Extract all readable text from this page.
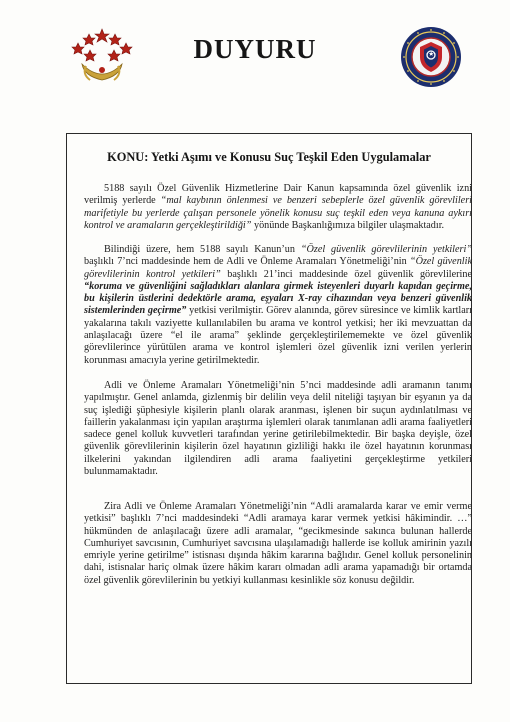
DUYURU
KONU: Yetki Aşımı ve Konusu Suç Teşkil Eden Uygulamalar

5188 sayılı Özel Güvenlik Hizmetlerine Dair Kanun kapsamında özel güvenlik izni verilmiş yerlerde “mal kaybının önlenmesi ve benzeri sebeplerle özel güvenlik görevlileri marifetiyle bu yerlerde çalışan personele yönelik konusu suç teşkil eden veya kanuna aykırı kontrol ve aramaların gerçekleştirildiği” yönünde Başkanlığımıza bilgiler ulaşmaktadır.

Bilindiği üzere, hem 5188 sayılı Kanun’un “Özel güvenlik görevlilerinin yetkileri” başlıklı 7’nci maddesinde hem de Adli ve Önleme Aramaları Yönetmeliği’nin “Özel güvenlik görevlilerinin kontrol yetkileri” başlıklı 21’inci maddesinde özel güvenlik görevlilerine “koruma ve güvenliğini sağladıkları alanlara girmek isteyenleri duyarlı kapıdan geçirme, bu kişilerin üstlerini dedektörle arama, eşyaları X-ray cihazından veya benzeri güvenlik sistemlerinden geçirme” yetkisi verilmiştir. Görev alanında, görev süresince ve kimlik kartları yakalarına takılı vaziyette kullanılabilen bu arama ve kontrol yetkisi; her iki mevzuattan da anlaşılacağı üzere “el ile arama” şeklinde gerçekleştirilememekte ve özel güvenlik görevlilerince yürütülen arama ve kontrol işlemleri özel güvenlik izni verilen yerlerin korunması amacıyla yerine getirilmektedir.

Adli ve Önleme Aramaları Yönetmeliği’nin 5’nci maddesinde adli aramanın tanımı yapılmıştır. Genel anlamda, gizlenmiş bir delilin veya delil niteliği taşıyan bir eşyanın ya da suç işlediği şüphesiyle kişilerin planlı olarak aranması, işlenen bir suçun aydınlatılması ve faillerin yakalanması için yapılan araştırma işlemleri olarak tanımlanan adli arama faaliyetleri sadece genel kolluk kuvvetleri tarafından yerine getirilebilmektedir. Bir başka deyişle, özel güvenlik görevlilerinin kişilerin özel hayatının gizliliği hakkı ile özel hayatının korunması ilkelerini yakından ilgilendiren adli arama faaliyetini gerçekleştirme yetkileri bulunmamaktadır.

Zira Adli ve Önleme Aramaları Yönetmeliği’nin “Adli aramalarda karar ve emir verme yetkisi” başlıklı 7’nci maddesindeki “Adli aramaya karar vermek yetkisi hâkimindir. …” hükmünden de anlaşılacağı üzere adli aramalar, “gecikmesinde sakınca bulunan hallerde Cumhuriyet savcısının, Cumhuriyet savcısına ulaşılamadığı hallerde ise kolluk amirinin yazılı emriyle yerine getirilme” istisnası dışında hâkim kararına bağlıdır. Genel kolluk personelinin dahi, istisnalar hariç olmak üzere hâkim kararı olmadan adli arama yapamadığı bir ortamda özel güvenlik görevlilerinin bu yetkiyi kullanması kesinlikle söz konusu değildir.
